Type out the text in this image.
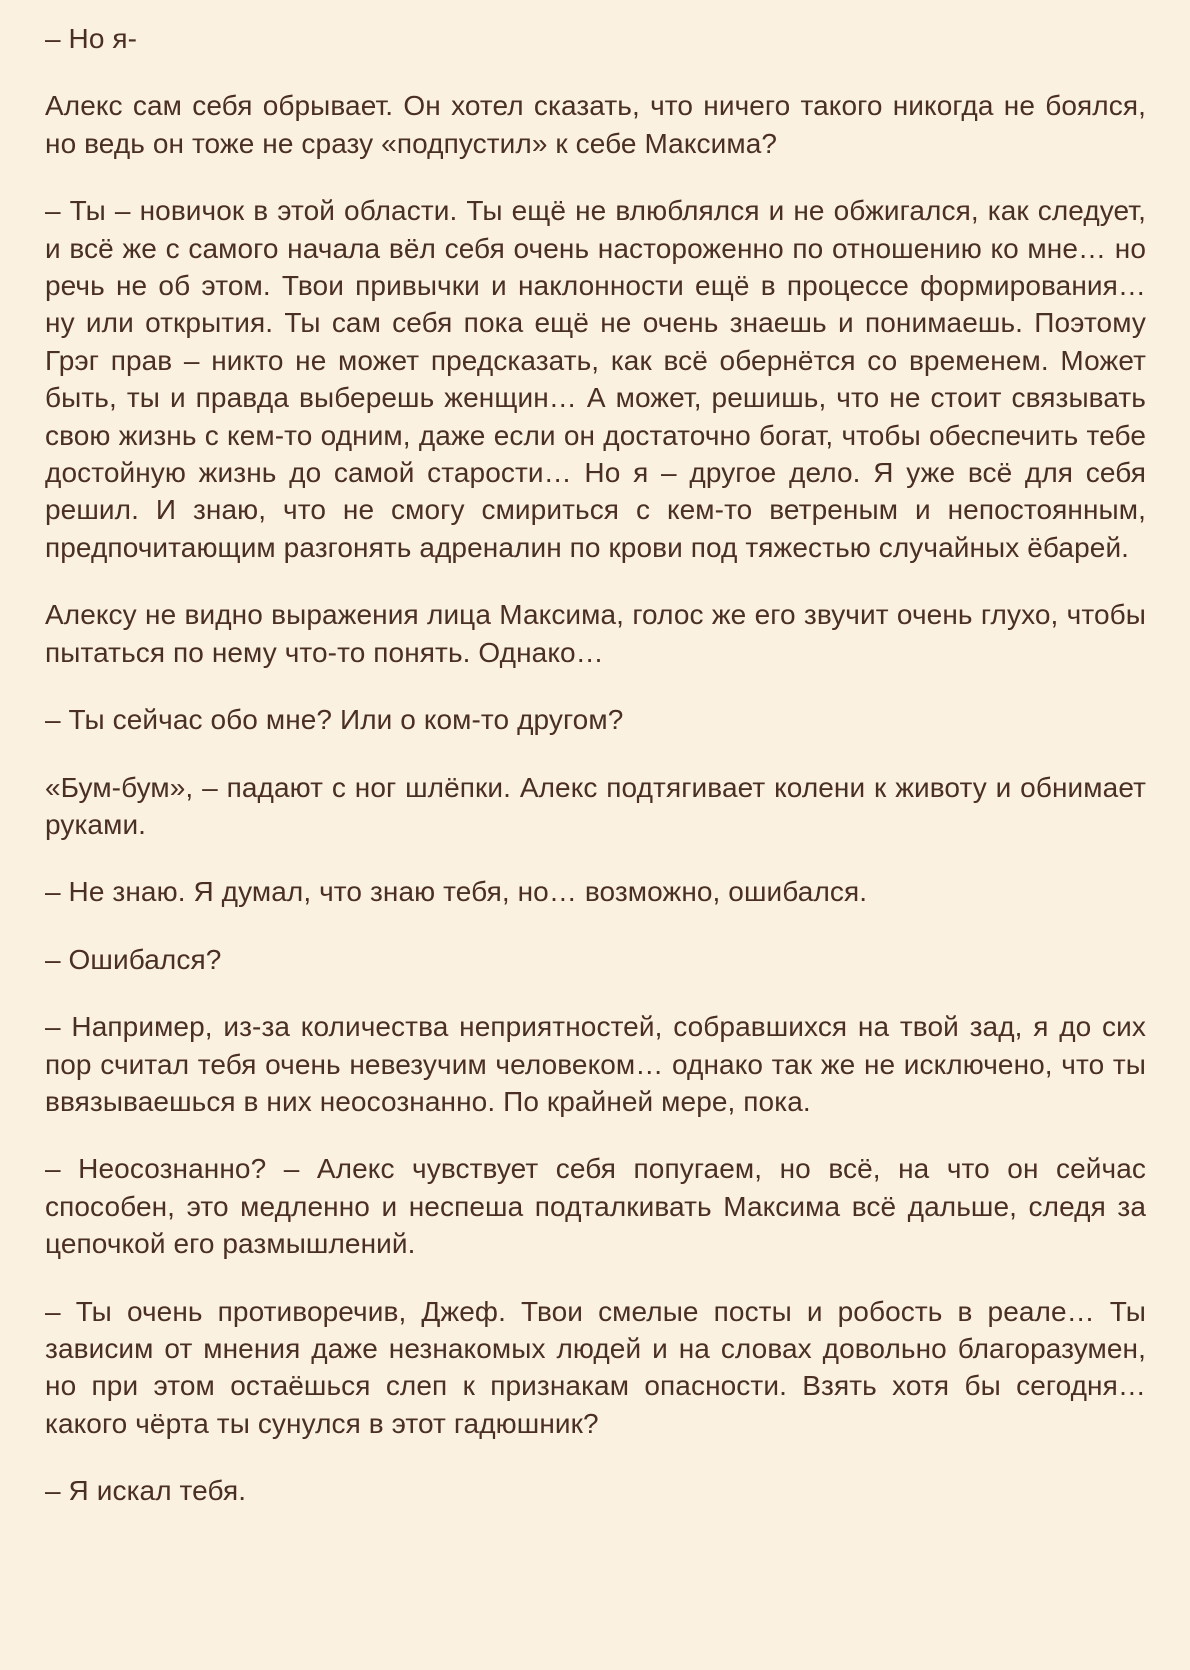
– Но я-

Алекс сам себя обрывает. Он хотел сказать, что ничего такого никогда не боялся, но ведь он тоже не сразу «подпустил» к себе Максима?

– Ты – новичок в этой области. Ты ещё не влюблялся и не обжигался, как следует, и всё же с самого начала вёл себя очень настороженно по отношению ко мне… но речь не об этом. Твои привычки и наклонности ещё в процессе формирования… ну или открытия. Ты сам себя пока ещё не очень знаешь и понимаешь. Поэтому Грэг прав – никто не может предсказать, как всё обернётся со временем. Может быть, ты и правда выберешь женщин… А может, решишь, что не стоит связывать свою жизнь с кем-то одним, даже если он достаточно богат, чтобы обеспечить тебе достойную жизнь до самой старости… Но я – другое дело. Я уже всё для себя решил. И знаю, что не смогу смириться с кем-то ветреным и непостоянным, предпочитающим разгонять адреналин по крови под тяжестью случайных ёбарей.

Алексу не видно выражения лица Максима, голос же его звучит очень глухо, чтобы пытаться по нему что-то понять. Однако…

– Ты сейчас обо мне? Или о ком-то другом?

«Бум-бум», – падают с ног шлёпки. Алекс подтягивает колени к животу и обнимает руками.

– Не знаю. Я думал, что знаю тебя, но… возможно, ошибался.

– Ошибался?

– Например, из-за количества неприятностей, собравшихся на твой зад, я до сих пор считал тебя очень невезучим человеком… однако так же не исключено, что ты ввязываешься в них неосознанно. По крайней мере, пока.

– Неосознанно? – Алекс чувствует себя попугаем, но всё, на что он сейчас способен, это медленно и неспеша подталкивать Максима всё дальше, следя за цепочкой его размышлений.

– Ты очень противоречив, Джеф. Твои смелые посты и робость в реале… Ты зависим от мнения даже незнакомых людей и на словах довольно благоразумен, но при этом остаёшься слеп к признакам опасности. Взять хотя бы сегодня… какого чёрта ты сунулся в этот гадюшник?

– Я искал тебя.
